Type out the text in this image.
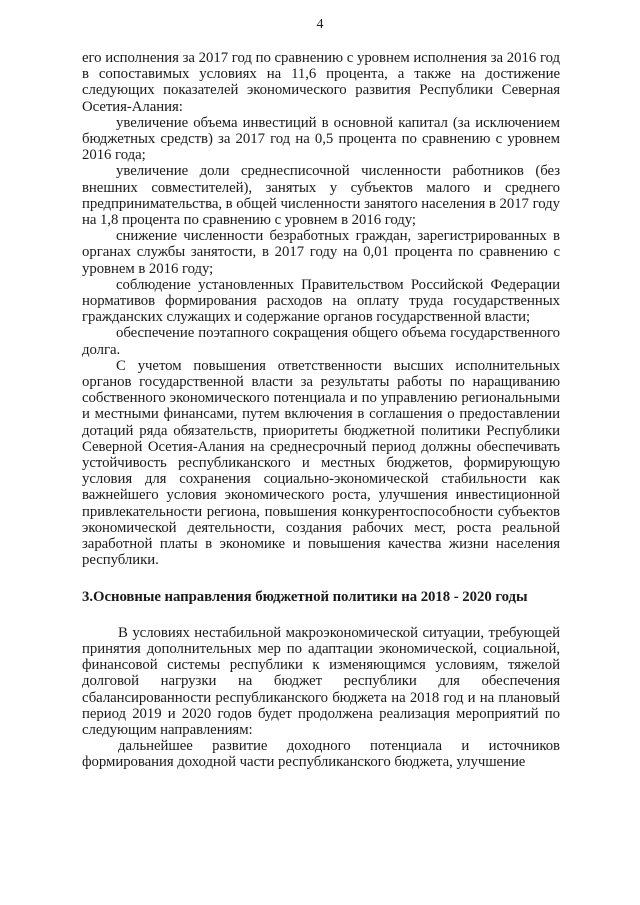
4

его исполнения за 2017 год по сравнению с уровнем исполнения за 2016 год в сопоставимых условиях на 11,6 процента, а также на достижение следующих показателей экономического развития Республики Северная Осетия-Алания:

увеличение объема инвестиций в основной капитал (за исключением бюджетных средств) за 2017 год на 0,5 процента по сравнению с уровнем 2016 года;

увеличение доли среднесписочной численности работников (без внешних совместителей), занятых у субъектов малого и среднего предпринимательства, в общей численности занятого населения в 2017 году на 1,8 процента по сравнению с уровнем в 2016 году;

снижение численности безработных граждан, зарегистрированных в органах службы занятости, в 2017 году на 0,01 процента по сравнению с уровнем в 2016 году;

соблюдение установленных Правительством Российской Федерации нормативов формирования расходов на оплату труда государственных гражданских служащих и содержание органов государственной власти;

обеспечение поэтапного сокращения общего объема государственного долга.

С учетом повышения ответственности высших исполнительных органов государственной власти за результаты работы по наращиванию собственного экономического потенциала и по управлению региональными и местными финансами, путем включения в соглашения о предоставлении дотаций ряда обязательств, приоритеты бюджетной политики Республики Северной Осетия-Алания на среднесрочный период должны обеспечивать устойчивость республиканского и местных бюджетов, формирующую условия для сохранения социально-экономической стабильности как важнейшего условия экономического роста, улучшения инвестиционной привлекательности региона, повышения конкурентоспособности субъектов экономической деятельности, создания рабочих мест, роста реальной заработной платы в экономике и повышения качества жизни населения республики.

3.Основные направления бюджетной политики на 2018 - 2020 годы

В условиях нестабильной макроэкономической ситуации, требующей принятия дополнительных мер по адаптации экономической, социальной, финансовой системы республики к изменяющимся условиям, тяжелой долговой нагрузки на бюджет республики для обеспечения сбалансированности республиканского бюджета на 2018 год и на плановый период 2019 и 2020 годов будет продолжена реализация мероприятий по следующим направлениям:

дальнейшее развитие доходного потенциала и источников формирования доходной части республиканского бюджета, улучшение
